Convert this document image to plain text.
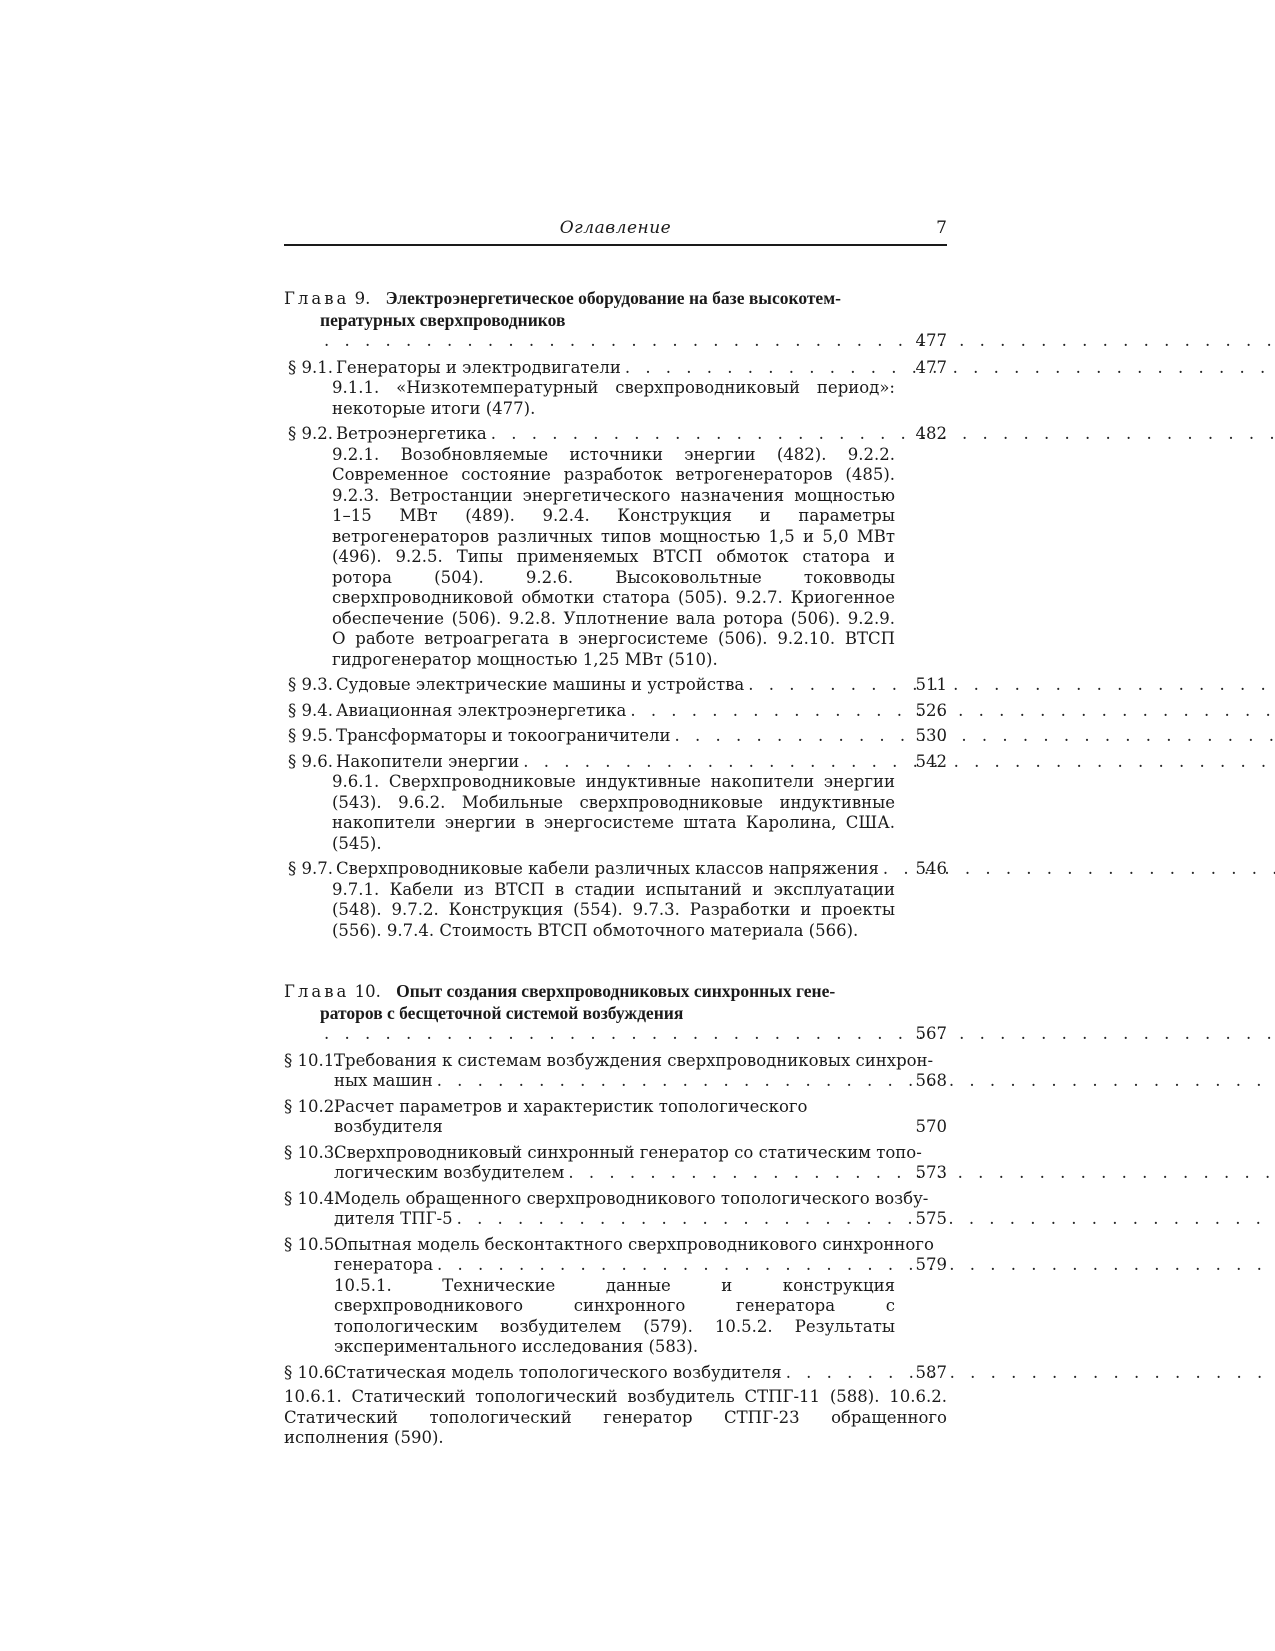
Оглавление	7
Глава 9. Электроэнергетическое оборудование на базе высокотем-
пературных сверхпроводников . . .
477
§ 9.1. Генераторы и электродвигатели . . .	477
9.1.1. «Низкотемпературный сверхпроводниковый период»: некоторые итоги (477).
§ 9.2. Ветроэнергетика . . .	482
9.2.1. Возобновляемые источники энергии (482). 9.2.2. Современное состояние разработок ветрогенераторов (485). 9.2.3. Ветростанции энергетического назначения мощностью 1–15 МВт (489). 9.2.4. Конструкция и параметры ветрогенераторов различных типов мощностью 1,5 и 5,0 МВт (496). 9.2.5. Типы применяемых ВТСП обмоток статора и ротора (504). 9.2.6. Высоковольтные токовводы сверхпроводниковой обмотки статора (505). 9.2.7. Криогенное обеспечение (506). 9.2.8. Уплотнение вала ротора (506). 9.2.9. О работе ветроагрегата в энергосистеме (506). 9.2.10. ВТСП гидрогенератор мощностью 1,25 МВт (510).
§ 9.3. Судовые электрические машины и устройства . . .	511
§ 9.4. Авиационная электроэнергетика . . .	526
§ 9.5. Трансформаторы и токоограничители . . .	530
§ 9.6. Накопители энергии . . .	542
9.6.1. Сверхпроводниковые индуктивные накопители энергии (543). 9.6.2. Мобильные сверхпроводниковые индуктивные накопители энергии в энергосистеме штата Каролина, США. (545).
§ 9.7. Сверхпроводниковые кабели различных классов напряжения . . .	546
9.7.1. Кабели из ВТСП в стадии испытаний и эксплуатации (548). 9.7.2. Конструкция (554). 9.7.3. Разработки и проекты (556). 9.7.4. Стоимость ВТСП обмоточного материала (566).
Глава 10. Опыт создания сверхпроводниковых синхронных гене-
раторов с бесщеточной системой возбуждения . . .
567
§ 10.1.
Требования к системам возбуждения сверхпроводниковых синхрон-
ных машин . . .	568
§ 10.2.
Расчет параметров и характеристик топологического возбудителя	570
§ 10.3.
Сверхпроводниковый синхронный генератор со статическим топо-
логическим возбудителем . . .	573
§ 10.4.
Модель обращенного сверхпроводникового топологического возбу-
дителя ТПГ-5 . . .	575
§ 10.5.
Опытная модель бесконтактного сверхпроводникового синхронного
генератора . . .	579
10.5.1. Технические данные и конструкция сверхпроводникового синхронного генератора с топологическим возбудителем (579). 10.5.2. Результаты экспериментального исследования (583).
§ 10.6.
Статическая модель топологического возбудителя . . .	587
10.6.1. Статический топологический возбудитель СТПГ-11 (588). 10.6.2. Статический топологический генератор СТПГ-23 обращенного исполнения (590).
